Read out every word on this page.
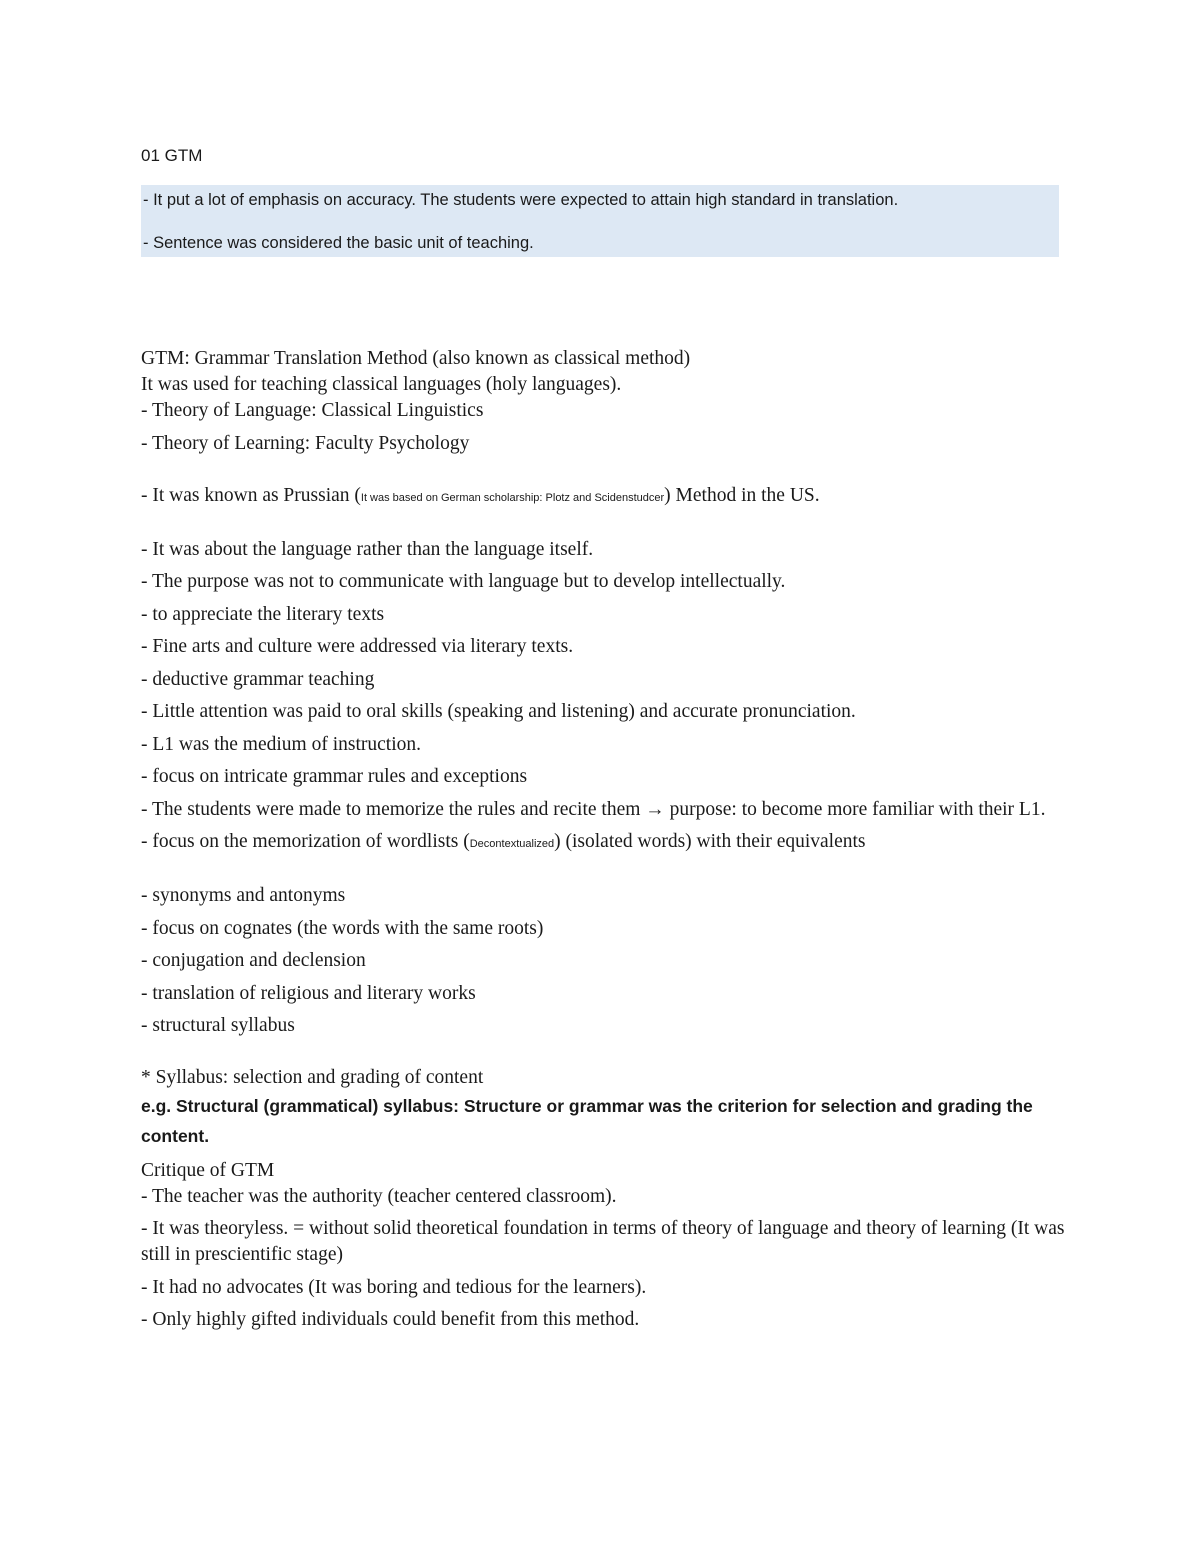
01 GTM
- It put a lot of emphasis on accuracy. The students were expected to attain high standard in translation.
- Sentence was considered the basic unit of teaching.
GTM: Grammar Translation Method (also known as classical method)
It was used for teaching classical languages (holy languages).
- Theory of Language: Classical Linguistics
- Theory of Learning: Faculty Psychology
- It was known as Prussian (It was based on German scholarship: Plotz and Scidenstudcer) Method in the US.
- It was about the language rather than the language itself.
- The purpose was not to communicate with language but to develop intellectually.
- to appreciate the literary texts
- Fine arts and culture were addressed via literary texts.
- deductive grammar teaching
- Little attention was paid to oral skills (speaking and listening) and accurate pronunciation.
- L1 was the medium of instruction.
- focus on intricate grammar rules and exceptions
- The students were made to memorize the rules and recite them → purpose: to become more familiar with their L1.
- focus on the memorization of wordlists (Decontextualized) (isolated words) with their equivalents
- synonyms and antonyms
- focus on cognates (the words with the same roots)
- conjugation and declension
- translation of religious and literary works
- structural syllabus
* Syllabus: selection and grading of content
e.g. Structural (grammatical) syllabus: Structure or grammar was the criterion for selection and grading the content.
Critique of GTM
- The teacher was the authority (teacher centered classroom).
- It was theoryless. = without solid theoretical foundation in terms of theory of language and theory of learning (It was still in prescientific stage)
- It had no advocates (It was boring and tedious for the learners).
- Only highly gifted individuals could benefit from this method.
